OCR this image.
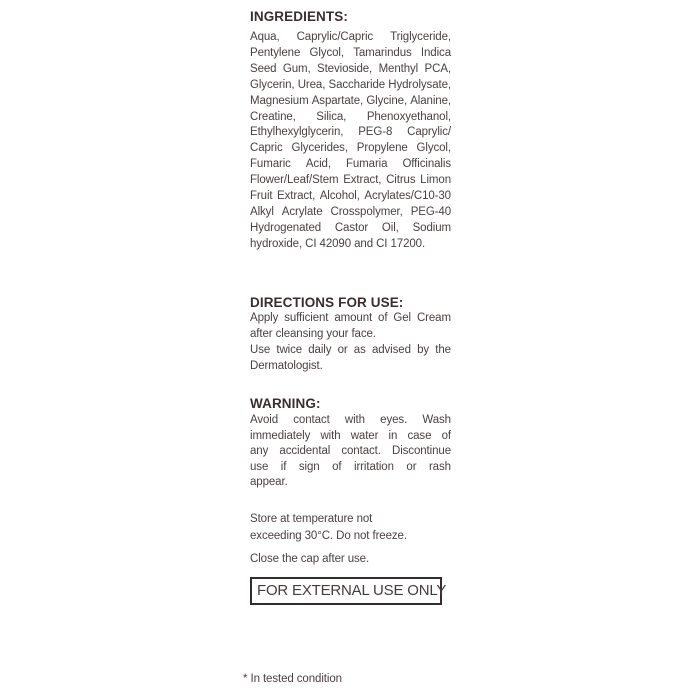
INGREDIENTS:
Aqua, Caprylic/Capric Triglyceride,
Pentylene Glycol, Tamarindus Indica
Seed Gum, Stevioside, Menthyl PCA,
Glycerin, Urea, Saccharide Hydrolysate,
Magnesium Aspartate, Glycine, Alanine,
Creatine, Silica, Phenoxyethanol,
Ethylhexylglycerin, PEG-8 Caprylic/
Capric Glycerides, Propylene Glycol,
Fumaric Acid, Fumaria Officinalis
Flower/Leaf/Stem Extract, Citrus Limon
Fruit Extract, Alcohol, Acrylates/C10-30
Alkyl Acrylate Crosspolymer, PEG-40
Hydrogenated Castor Oil, Sodium
hydroxide, CI 42090 and CI 17200.
DIRECTIONS FOR USE:
Apply sufficient amount of Gel Cream
after cleansing your face.
Use twice daily or as advised by the
Dermatologist.
WARNING:
Avoid contact with eyes. Wash
immediately with water in case of
any accidental contact. Discontinue
use if sign of irritation or rash
appear.
Store at temperature not
exceeding 30°C. Do not freeze.
Close the cap after use.
FOR EXTERNAL USE ONLY
* In tested condition
